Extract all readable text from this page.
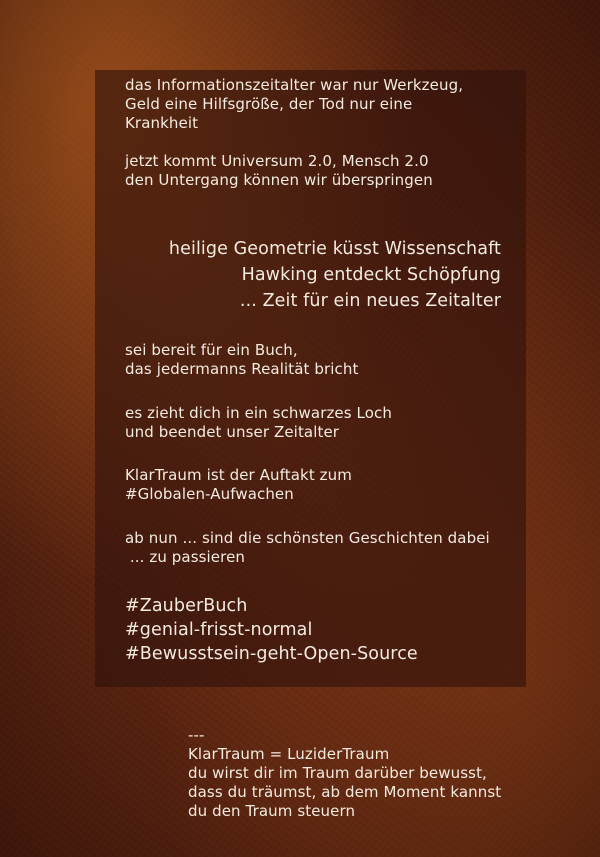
das Informationszeitalter war nur Werkzeug,
Geld eine Hilfsgröße, der Tod nur eine
Krankheit
jetzt kommt Universum 2.0, Mensch 2.0
den Untergang können wir überspringen
heilige Geometrie küsst Wissenschaft
Hawking entdeckt Schöpfung
... Zeit für ein neues Zeitalter
sei bereit für ein Buch,
das jedermanns Realität bricht
es zieht dich in ein schwarzes Loch
und beendet unser Zeitalter
KlarTraum ist der Auftakt zum
#Globalen-Aufwachen
ab nun ... sind die schönsten Geschichten dabei
... zu passieren
#ZauberBuch
#genial-frisst-normal
#Bewusstsein-geht-Open-Source
---
KlarTraum = LuziderTraum
du wirst dir im Traum darüber bewusst,
dass du träumst, ab dem Moment kannst
du den Traum steuern
